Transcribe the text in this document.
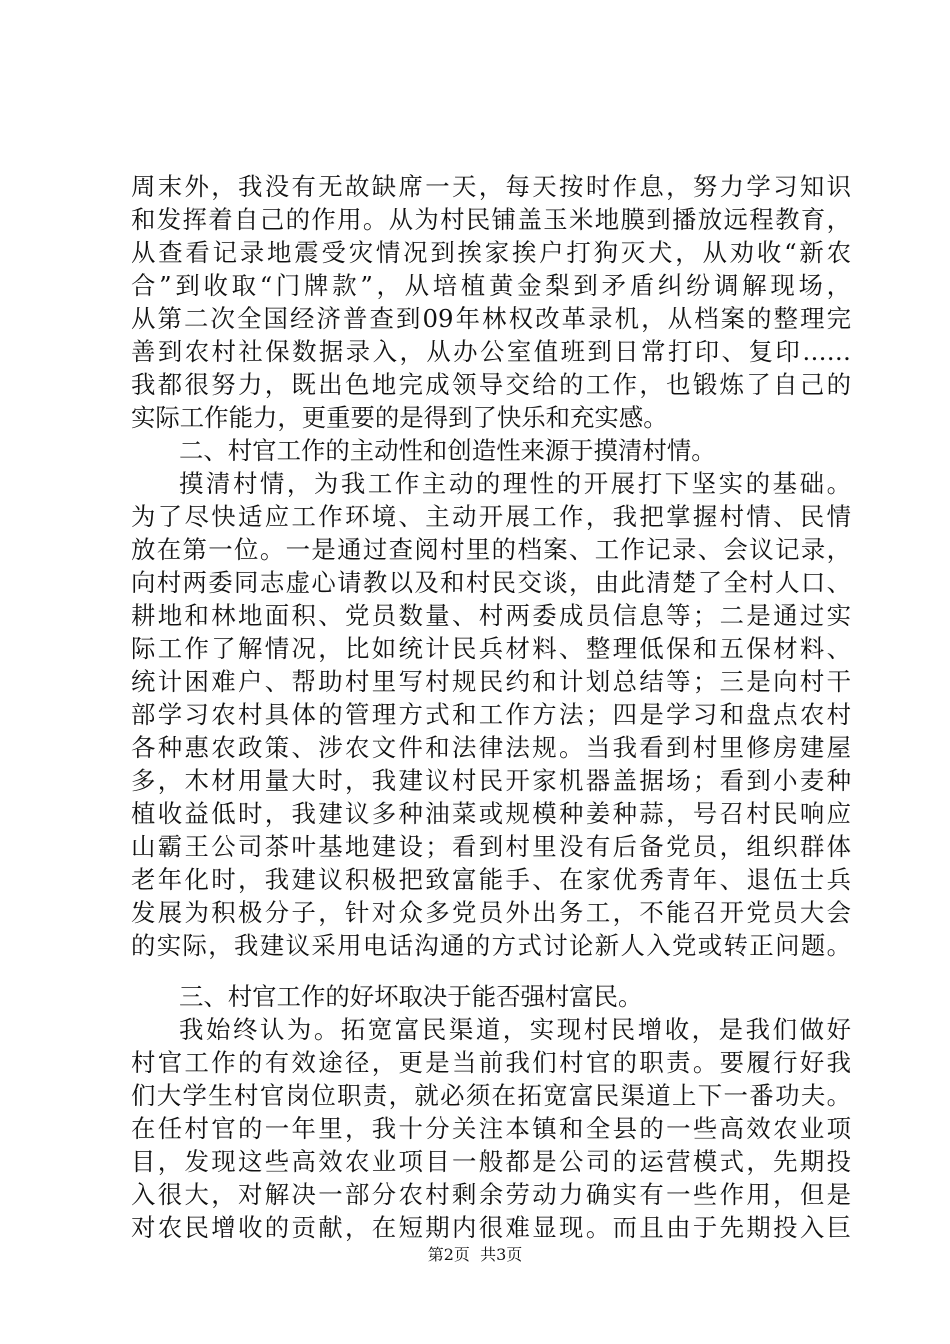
周末外，我没有无故缺席一天，每天按时作息，努力学习知识
和发挥着自己的作用。从为村民铺盖玉米地膜到播放远程教育，
从查看记录地震受灾情况到挨家挨户打狗灭犬，从劝收“新农
合”到收取“门牌款”，从培植黄金梨到矛盾纠纷调解现场，
从第二次全国经济普查到09年林权改革录机，从档案的整理完
善到农村社保数据录入，从办公室值班到日常打印、复印……
我都很努力，既出色地完成领导交给的工作，也锻炼了自己的
实际工作能力，更重要的是得到了快乐和充实感。
二、村官工作的主动性和创造性来源于摸清村情。
摸清村情，为我工作主动的理性的开展打下坚实的基础。
为了尽快适应工作环境、主动开展工作，我把掌握村情、民情
放在第一位。一是通过查阅村里的档案、工作记录、会议记录，
向村两委同志虚心请教以及和村民交谈，由此清楚了全村人口、
耕地和林地面积、党员数量、村两委成员信息等；二是通过实
际工作了解情况，比如统计民兵材料、整理低保和五保材料、
统计困难户、帮助村里写村规民约和计划总结等；三是向村干
部学习农村具体的管理方式和工作方法；四是学习和盘点农村
各种惠农政策、涉农文件和法律法规。当我看到村里修房建屋
多，木材用量大时，我建议村民开家机器盖据场；看到小麦种
植收益低时，我建议多种油菜或规模种姜种蒜，号召村民响应
山霸王公司茶叶基地建设；看到村里没有后备党员，组织群体
老年化时，我建议积极把致富能手、在家优秀青年、退伍士兵
发展为积极分子，针对众多党员外出务工，不能召开党员大会
的实际，我建议采用电话沟通的方式讨论新人入党或转正问题。
三、村官工作的好坏取决于能否强村富民。
我始终认为。拓宽富民渠道，实现村民增收，是我们做好
村官工作的有效途径，更是当前我们村官的职责。要履行好我
们大学生村官岗位职责，就必须在拓宽富民渠道上下一番功夫。
在任村官的一年里，我十分关注本镇和全县的一些高效农业项
目，发现这些高效农业项目一般都是公司的运营模式，先期投
入很大，对解决一部分农村剩余劳动力确实有一些作用，但是
对农民增收的贡献，在短期内很难显现。而且由于先期投入巨
第2页  共3页
